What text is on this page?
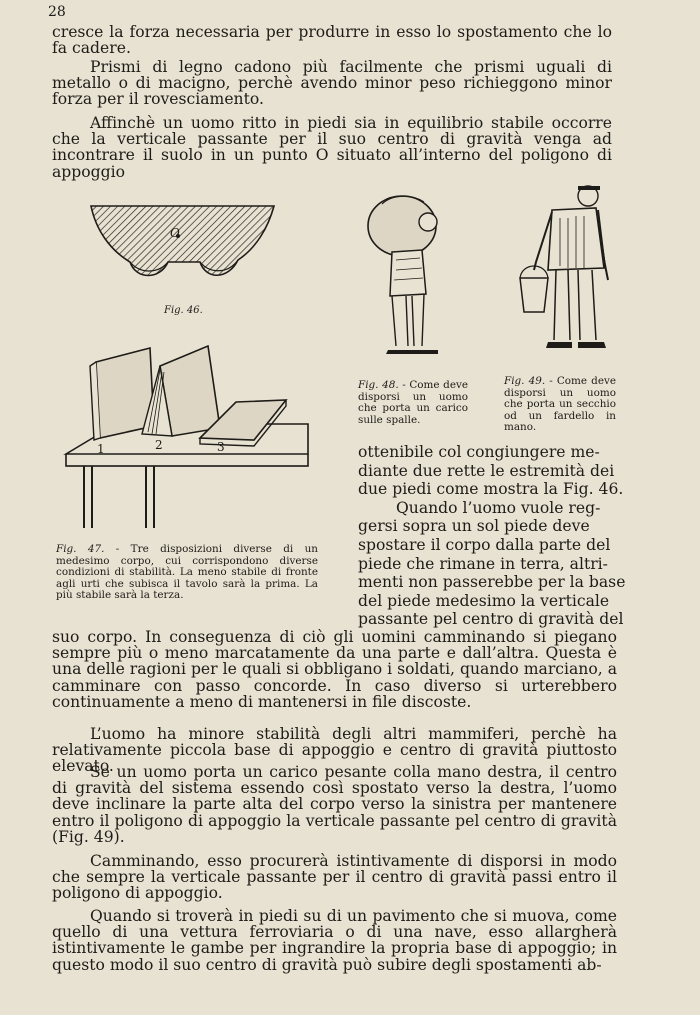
28

cresce la forza necessaria per produrre in esso lo spostamento che lo fa cadere.

Prismi di legno cadono più facilmente che prismi uguali di metallo o di macigno, perchè avendo minor peso richieggono minor forza per il rovesciamento.

Affinchè un uomo ritto in piedi sia in equilibrio stabile occorre che la verticale passante per il suo centro di gravità venga ad incontrare il suolo in un punto O situato all’interno del poligono di appoggio

O
Fig. 46.
1	2	3

Fig. 47. - Tre disposizioni diverse di un medesimo corpo, cui corrispondono diverse condizioni di stabilità. La meno stabile di fronte agli urti che subisca il tavolo sarà la prima. La più stabile sarà la terza.

Fig. 48. - Come deve disporsi un uomo che porta un carico sulle spalle.

Fig. 49. - Come deve disporsi un uomo che porta un secchio od un fardello in mano.

ottenibile col congiungere me-
diante due rette le estremità dei
due piedi come mostra la Fig. 46.
Quando l’uomo vuole reg-
gersi sopra un sol piede deve
spostare il corpo dalla parte del
piede che rimane in terra, altri-
menti non passerebbe per la base
del piede medesimo la verticale
passante pel centro di gravità del

suo corpo. In conseguenza di ciò gli uomini camminando si piegano sempre più o meno marcatamente da una parte e dall’altra. Questa è una delle ragioni per le quali si obbligano i soldati, quando marciano, a camminare con passo concorde. In caso diverso si urterebbero continuamente a meno di mantenersi in file discoste.

L’uomo ha minore stabilità degli altri mammiferi, perchè ha relativamente piccola base di appoggio e centro di gravità piuttosto elevato.

Se un uomo porta un carico pesante colla mano destra, il centro di gravità del sistema essendo così spostato verso la destra, l’uomo deve inclinare la parte alta del corpo verso la sinistra per mantenere entro il poligono di appoggio la verticale passante pel centro di gravità (Fig. 49).

Camminando, esso procurerà istintivamente di disporsi in modo che sempre la verticale passante per il centro di gravità passi entro il poligono di appoggio.

Quando si troverà in piedi su di un pavimento che si muova, come quello di una vettura ferroviaria o di una nave, esso allargherà istintivamente le gambe per ingrandire la propria base di appoggio; in questo modo il suo centro di gravità può subire degli spostamenti ab-
